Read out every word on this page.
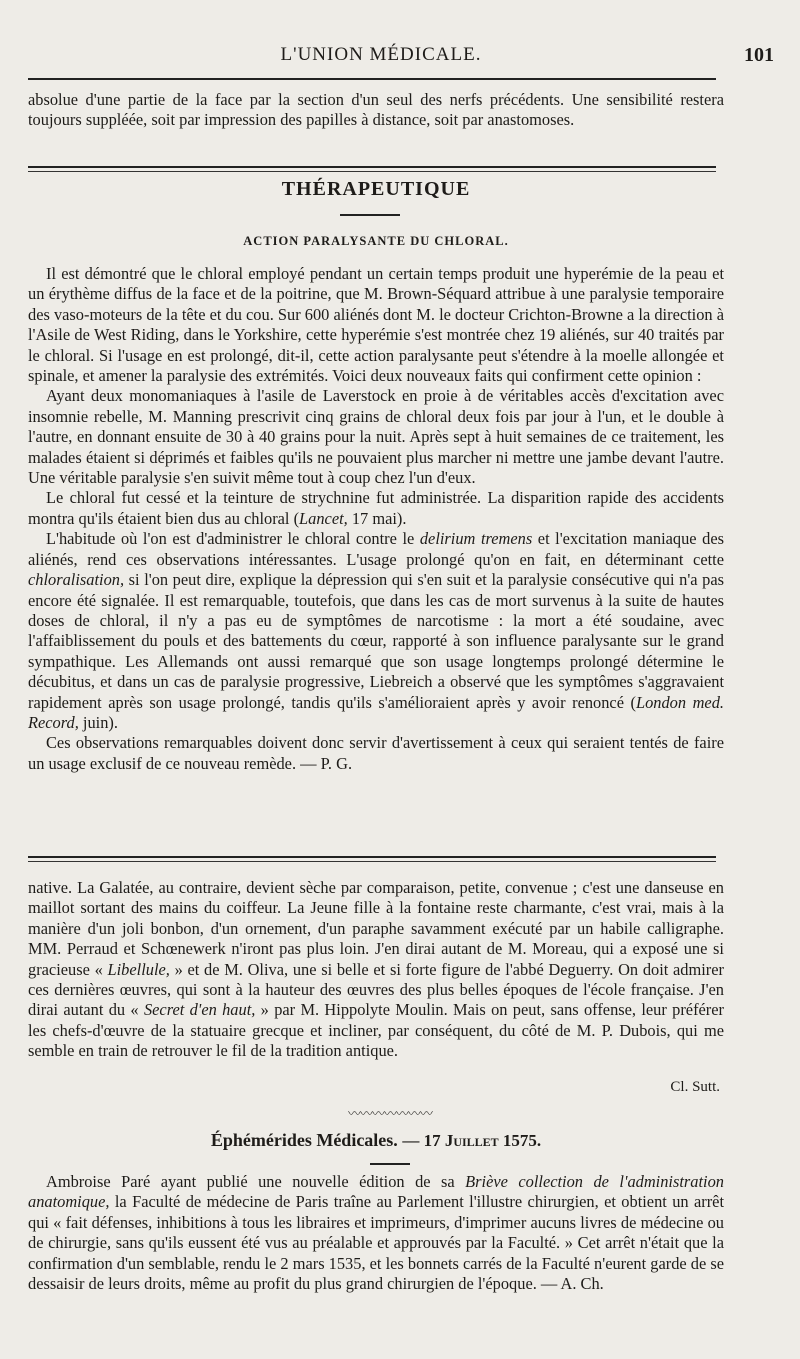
L'UNION MÉDICALE.	101

absolue d'une partie de la face par la section d'un seul des nerfs précédents. Une sensibilité restera toujours suppléée, soit par impression des papilles à distance, soit par anastomoses.

THÉRAPEUTIQUE
ACTION PARALYSANTE DU CHLORAL.

Il est démontré que le chloral employé pendant un certain temps produit une hyperémie de la peau et un érythème diffus de la face et de la poitrine, que M. Brown-Séquard attribue à une paralysie temporaire des vaso-moteurs de la tête et du cou. Sur 600 aliénés dont M. le docteur Crichton-Browne a la direction à l'Asile de West Riding, dans le Yorkshire, cette hyperémie s'est montrée chez 19 aliénés, sur 40 traités par le chloral. Si l'usage en est prolongé, dit-il, cette action paralysante peut s'étendre à la moelle allongée et spinale, et amener la paralysie des extrémités. Voici deux nouveaux faits qui confirment cette opinion :

Ayant deux monomaniaques à l'asile de Laverstock en proie à de véritables accès d'excitation avec insomnie rebelle, M. Manning prescrivit cinq grains de chloral deux fois par jour à l'un, et le double à l'autre, en donnant ensuite de 30 à 40 grains pour la nuit. Après sept à huit semaines de ce traitement, les malades étaient si déprimés et faibles qu'ils ne pouvaient plus marcher ni mettre une jambe devant l'autre. Une véritable paralysie s'en suivit même tout à coup chez l'un d'eux.

Le chloral fut cessé et la teinture de strychnine fut administrée. La disparition rapide des accidents montra qu'ils étaient bien dus au chloral (Lancet, 17 mai).

L'habitude où l'on est d'administrer le chloral contre le delirium tremens et l'excitation maniaque des aliénés, rend ces observations intéressantes. L'usage prolongé qu'on en fait, en déterminant cette chloralisation, si l'on peut dire, explique la dépression qui s'en suit et la paralysie consécutive qui n'a pas encore été signalée. Il est remarquable, toutefois, que dans les cas de mort survenus à la suite de hautes doses de chloral, il n'y a pas eu de symptômes de narcotisme : la mort a été soudaine, avec l'affaiblissement du pouls et des battements du cœur, rapporté à son influence paralysante sur le grand sympathique. Les Allemands ont aussi remarqué que son usage longtemps prolongé détermine le décubitus, et dans un cas de paralysie progressive, Liebreich a observé que les symptômes s'aggravaient rapidement après son usage prolongé, tandis qu'ils s'amélioraient après y avoir renoncé (London med. Record, juin).

Ces observations remarquables doivent donc servir d'avertissement à ceux qui seraient tentés de faire un usage exclusif de ce nouveau remède. — P. G.

native. La Galatée, au contraire, devient sèche par comparaison, petite, convenue ; c'est une danseuse en maillot sortant des mains du coiffeur. La Jeune fille à la fontaine reste charmante, c'est vrai, mais à la manière d'un joli bonbon, d'un ornement, d'un paraphe savamment exécuté par un habile calligraphe. MM. Perraud et Schœnewerk n'iront pas plus loin. J'en dirai autant de M. Moreau, qui a exposé une si gracieuse « Libellule, » et de M. Oliva, une si belle et si forte figure de l'abbé Deguerry. On doit admirer ces dernières œuvres, qui sont à la hauteur des œuvres des plus belles époques de l'école française. J'en dirai autant du « Secret d'en haut, » par M. Hippolyte Moulin. Mais on peut, sans offense, leur préférer les chefs-d'œuvre de la statuaire grecque et incliner, par conséquent, du côté de M. P. Dubois, qui me semble en train de retrouver le fil de la tradition antique.

Cl. Sutt.
〰〰〰〰〰〰〰
Éphémérides Médicales. — 17 Juillet 1575.

Ambroise Paré ayant publié une nouvelle édition de sa Briève collection de l'administration anatomique, la Faculté de médecine de Paris traîne au Parlement l'illustre chirurgien, et obtient un arrêt qui « fait défenses, inhibitions à tous les libraires et imprimeurs, d'imprimer aucuns livres de médecine ou de chirurgie, sans qu'ils eussent été vus au préalable et approuvés par la Faculté. » Cet arrêt n'était que la confirmation d'un semblable, rendu le 2 mars 1535, et les bonnets carrés de la Faculté n'eurent garde de se dessaisir de leurs droits, même au profit du plus grand chirurgien de l'époque. — A. Ch.
